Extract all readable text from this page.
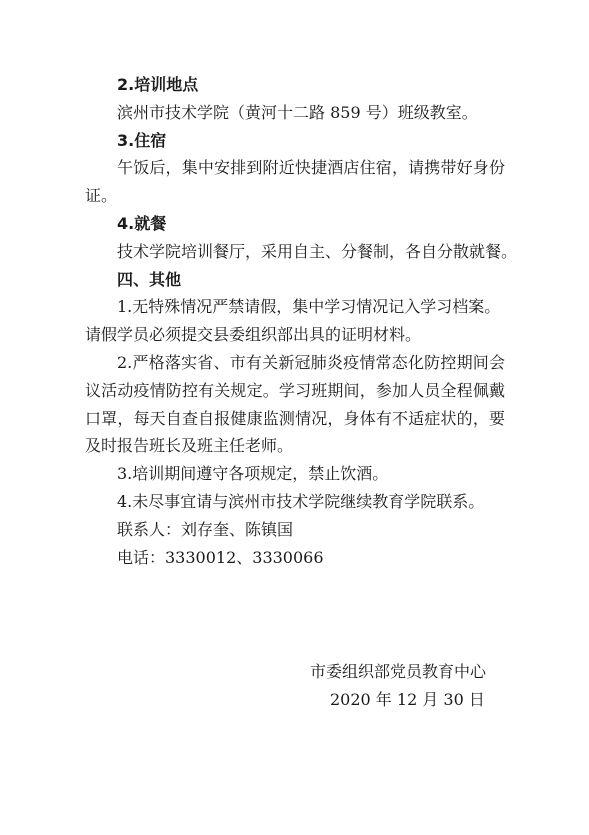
2.培训地点
滨州市技术学院（黄河十二路 859 号）班级教室。
3.住宿
午饭后，集中安排到附近快捷酒店住宿，请携带好身份
证。
4.就餐
技术学院培训餐厅，采用自主、分餐制，各自分散就餐。
四、其他
1.无特殊情况严禁请假，集中学习情况记入学习档案。
请假学员必须提交县委组织部出具的证明材料。
2.严格落实省、市有关新冠肺炎疫情常态化防控期间会
议活动疫情防控有关规定。学习班期间，参加人员全程佩戴
口罩，每天自查自报健康监测情况，身体有不适症状的，要
及时报告班长及班主任老师。
3.培训期间遵守各项规定，禁止饮酒。
4.未尽事宜请与滨州市技术学院继续教育学院联系。
联系人：刘存奎、陈镇国
电话：3330012、3330066
市委组织部党员教育中心
2020 年 12 月 30 日
